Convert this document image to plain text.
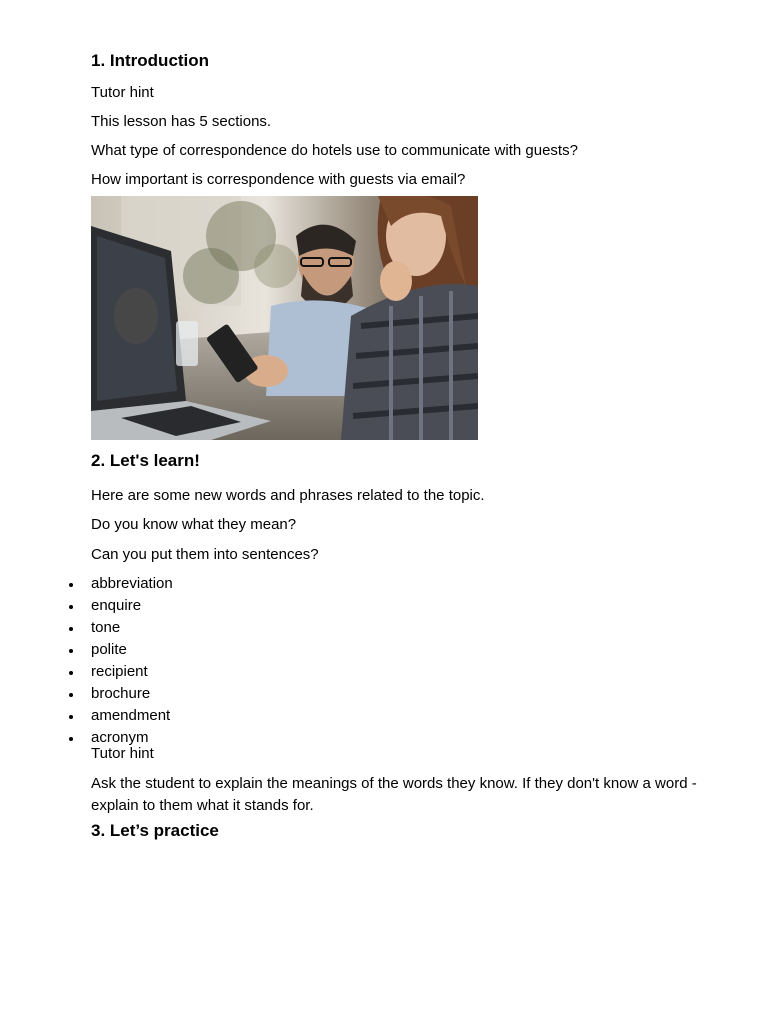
1. Introduction

Tutor hint

This lesson has 5 sections.

What type of correspondence do hotels use to communicate with guests?

How important is correspondence with guests via email?

2. Let's learn!

Here are some new words and phrases related to the topic.

Do you know what they mean?

Can you put them into sentences?

abbreviation
enquire
tone
polite
recipient
brochure
amendment
acronym

Tutor hint

Ask the student to explain the meanings of the words they know. If they don't know a word - explain to them what it stands for.

3. Let’s practice
